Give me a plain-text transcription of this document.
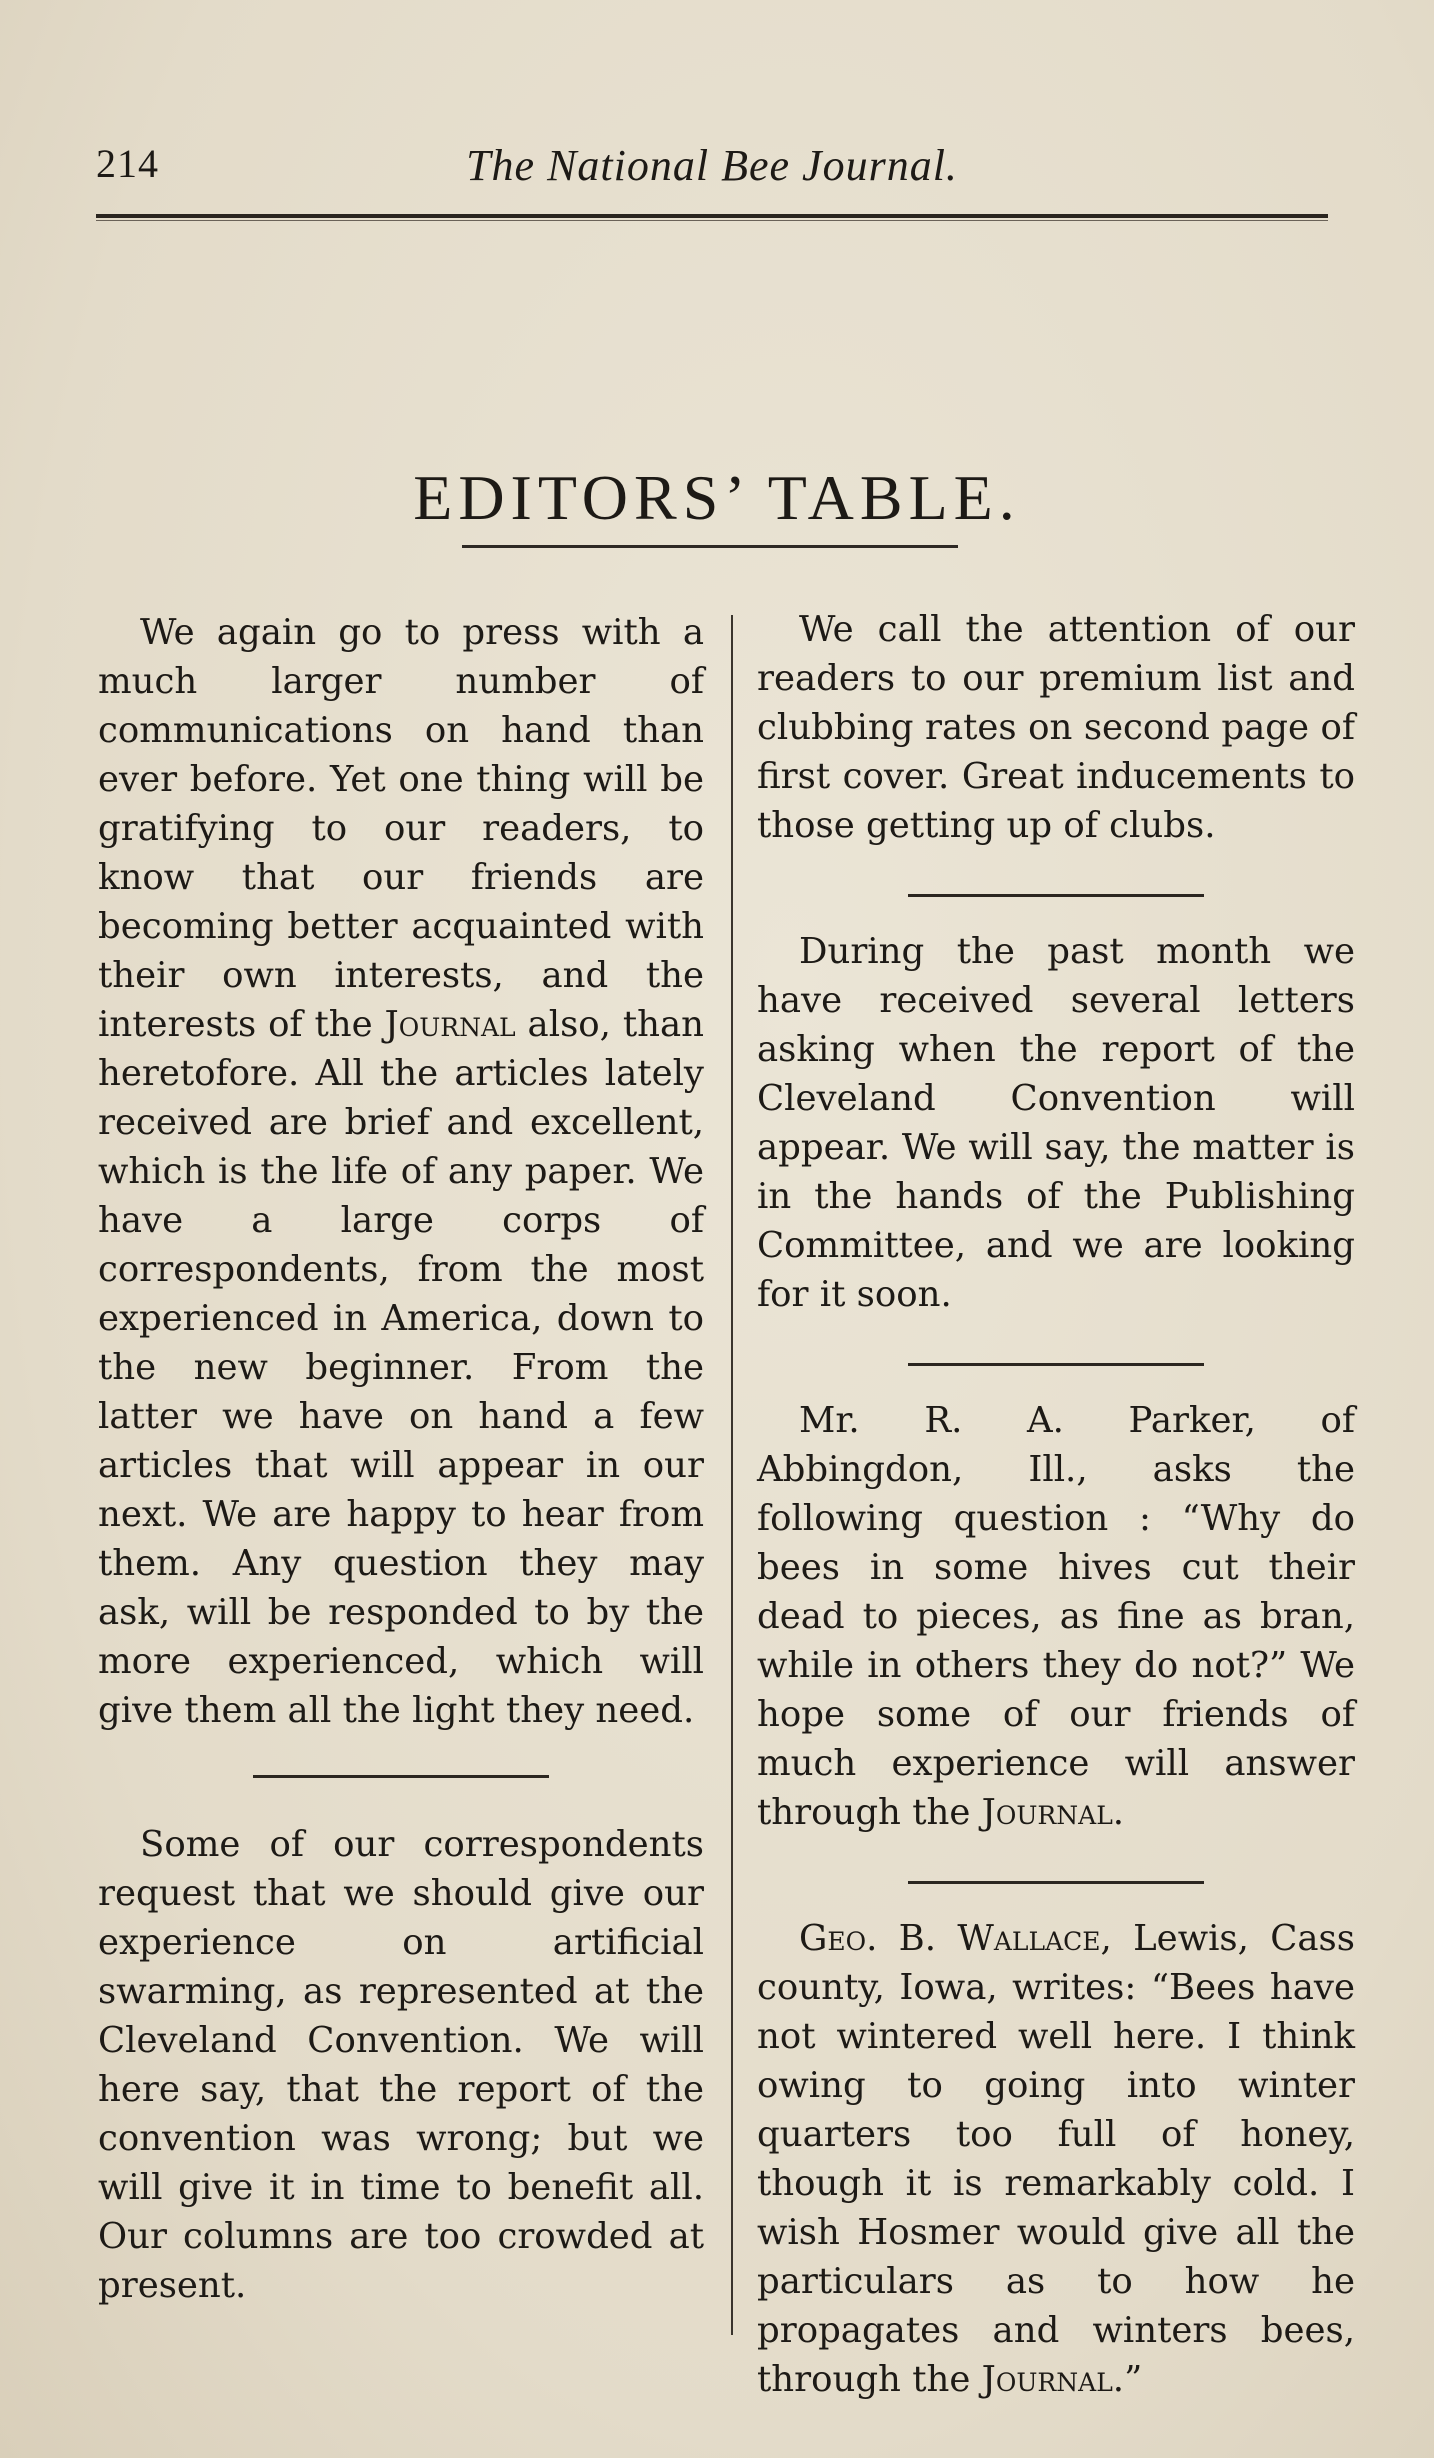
214	The National Bee Journal.
EDITORS’ TABLE.

We again go to press with a much larger number of communications on hand than ever before. Yet one thing will be gratifying to our readers, to know that our friends are becoming better acquainted with their own interests, and the interests of the Journal also, than heretofore. All the articles lately received are brief and excellent, which is the life of any paper. We have a large corps of correspondents, from the most experienced in America, down to the new beginner. From the latter we have on hand a few articles that will appear in our next. We are happy to hear from them. Any question they may ask, will be responded to by the more experienced, which will give them all the light they need.

Some of our correspondents request that we should give our experience on artificial swarming, as represented at the Cleveland Convention. We will here say, that the report of the convention was wrong; but we will give it in time to benefit all. Our columns are too crowded at present.

We call the attention of our readers to our premium list and clubbing rates on second page of first cover. Great inducements to those getting up of clubs.

During the past month we have received several letters asking when the report of the Cleveland Convention will appear. We will say, the matter is in the hands of the Publishing Committee, and we are looking for it soon.

Mr. R. A. Parker, of Abbingdon, Ill., asks the following question : “Why do bees in some hives cut their dead to pieces, as fine as bran, while in others they do not?” We hope some of our friends of much experience will answer through the Journal.

Geo. B. Wallace, Lewis, Cass county, Iowa, writes: “Bees have not wintered well here. I think owing to going into winter quarters too full of honey, though it is remarkably cold. I wish Hosmer would give all the particulars as to how he propagates and winters bees, through the Journal.”
